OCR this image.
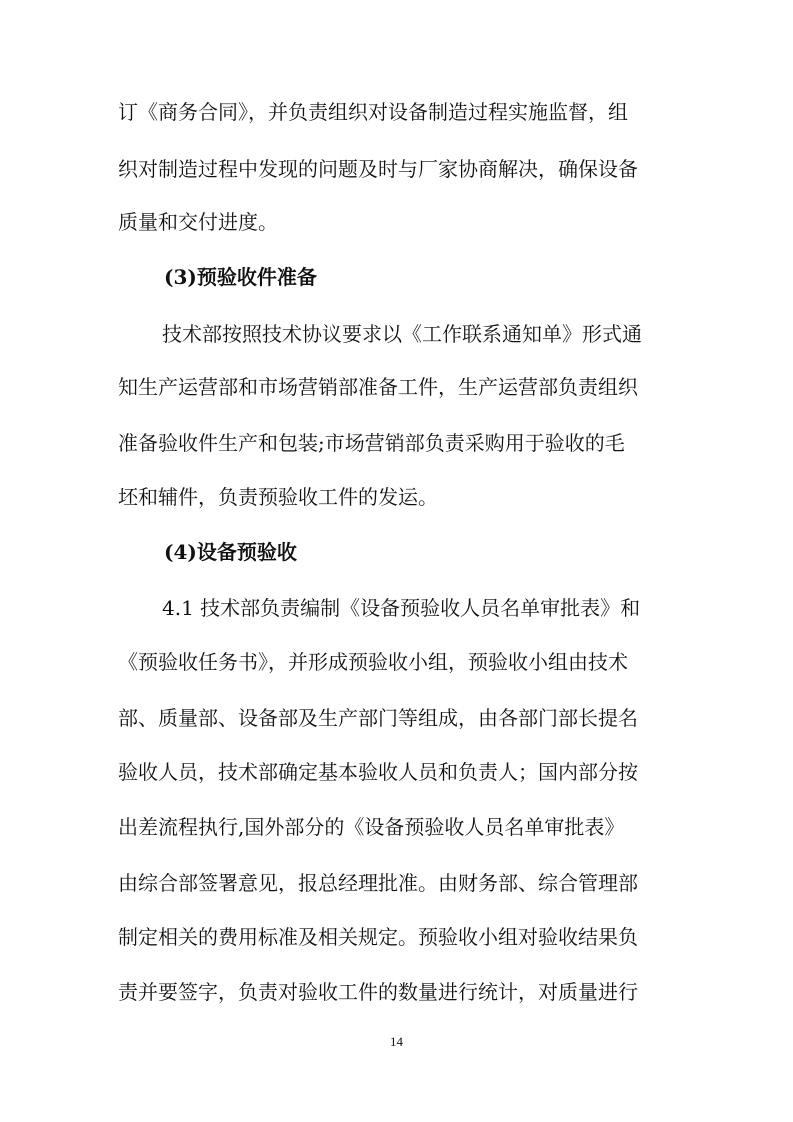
订《商务合同》，并负责组织对设备制造过程实施监督，组
织对制造过程中发现的问题及时与厂家协商解决，确保设备
质量和交付进度。
(3)预验收件准备
技术部按照技术协议要求以《工作联系通知单》形式通
知生产运营部和市场营销部准备工件，生产运营部负责组织
准备验收件生产和包装;市场营销部负责采购用于验收的毛
坯和辅件，负责预验收工件的发运。
(4)设备预验收
4.1 技术部负责编制《设备预验收人员名单审批表》和
《预验收任务书》，并形成预验收小组，预验收小组由技术
部、质量部、设备部及生产部门等组成，由各部门部长提名
验收人员，技术部确定基本验收人员和负责人；国内部分按
出差流程执行,国外部分的《设备预验收人员名单审批表》
由综合部签署意见，报总经理批准。由财务部、综合管理部
制定相关的费用标准及相关规定。预验收小组对验收结果负
责并要签字，负责对验收工件的数量进行统计，对质量进行
14
